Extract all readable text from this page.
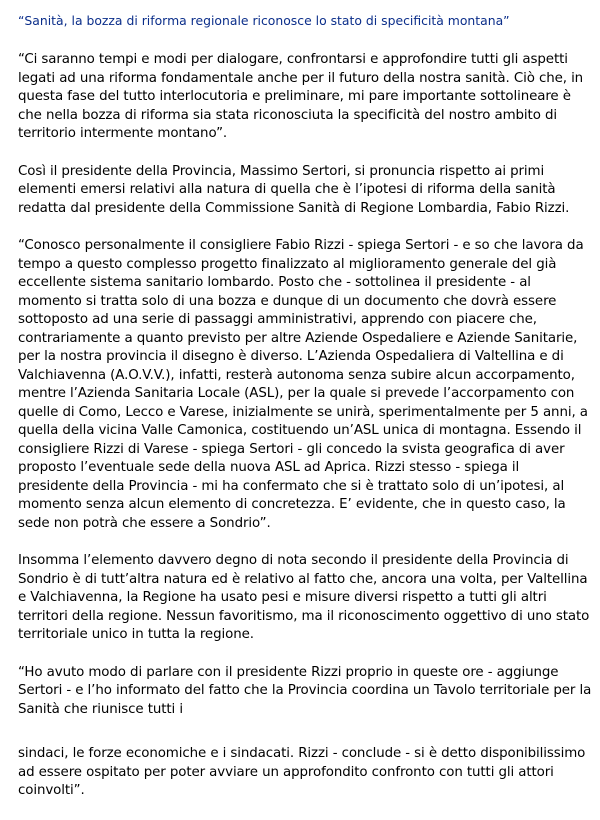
“Sanità, la bozza di riforma regionale riconosce lo stato di specificità montana”

“Ci saranno tempi e modi per dialogare, confrontarsi e approfondire tutti gli aspetti legati ad una riforma fondamentale anche per il futuro della nostra sanità. Ciò che, in questa fase del tutto interlocutoria e preliminare, mi pare importante sottolineare è che nella bozza di riforma sia stata riconosciuta la specificità del nostro ambito di territorio intermente montano”.

Così il presidente della Provincia, Massimo Sertori, si pronuncia rispetto ai primi elementi emersi relativi alla natura di quella che è l’ipotesi di riforma della sanità redatta dal presidente della Commissione Sanità di Regione Lombardia, Fabio Rizzi.

“Conosco personalmente il consigliere Fabio Rizzi - spiega Sertori - e so che lavora da tempo a questo complesso progetto finalizzato al miglioramento generale del già eccellente sistema sanitario lombardo. Posto che - sottolinea il presidente - al momento si tratta solo di una bozza e dunque di un documento che dovrà essere sottoposto ad una serie di passaggi amministrativi, apprendo con piacere che, contrariamente a quanto previsto per altre Aziende Ospedaliere e Aziende Sanitarie, per la nostra provincia il disegno è diverso. L’Azienda Ospedaliera di Valtellina e di Valchiavenna (A.O.V.V.), infatti, resterà autonoma senza subire alcun accorpamento, mentre l’Azienda Sanitaria Locale (ASL), per la quale si prevede l’accorpamento con quelle di Como, Lecco e Varese, inizialmente se unirà, sperimentalmente per 5 anni, a quella della vicina Valle Camonica, costituendo un’ASL unica di montagna. Essendo il consigliere Rizzi di Varese - spiega Sertori - gli concedo la svista geografica di aver proposto l’eventuale sede della nuova ASL ad Aprica. Rizzi stesso - spiega il presidente della Provincia - mi ha confermato che si è trattato solo di un’ipotesi, al momento senza alcun elemento di concretezza. E’ evidente, che in questo caso, la sede non potrà che essere a Sondrio”.

Insomma l’elemento davvero degno di nota secondo il presidente della Provincia di Sondrio è di tutt’altra natura ed è relativo al fatto che, ancora una volta, per Valtellina e Valchiavenna, la Regione ha usato pesi e misure diversi rispetto a tutti gli altri territori della regione. Nessun favoritismo, ma il riconoscimento oggettivo di uno stato territoriale unico in tutta la regione.

“Ho avuto modo di parlare con il presidente Rizzi proprio in queste ore - aggiunge Sertori - e l’ho informato del fatto che la Provincia coordina un Tavolo territoriale per la Sanità che riunisce tutti i

sindaci, le forze economiche e i sindacati. Rizzi - conclude - si è detto disponibilissimo ad essere ospitato per poter avviare un approfondito confronto con tutti gli attori coinvolti”.
